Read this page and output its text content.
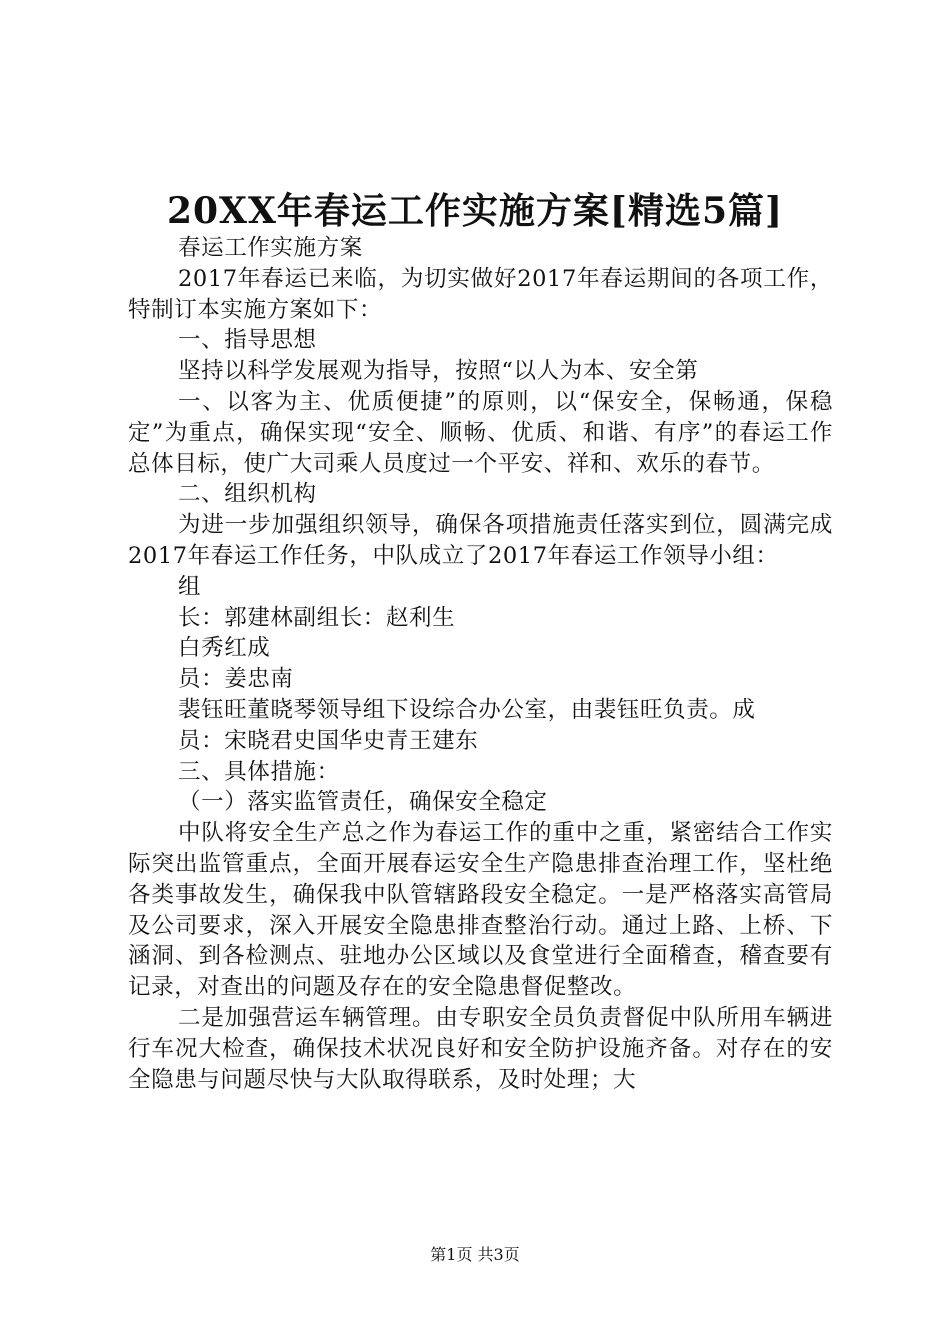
20XX年春运工作实施方案[精选5篇]

春运工作实施方案

2017年春运已来临，为切实做好2017年春运期间的各项工作，特制订本实施方案如下：

一、指导思想

坚持以科学发展观为指导，按照“以人为本、安全第

一、以客为主、优质便捷”的原则，以“保安全，保畅通，保稳定”为重点，确保实现“安全、顺畅、优质、和谐、有序”的春运工作总体目标，使广大司乘人员度过一个平安、祥和、欢乐的春节。

二、组织机构

为进一步加强组织领导，确保各项措施责任落实到位，圆满完成2017年春运工作任务，中队成立了2017年春运工作领导小组：

组

长：郭建林副组长：赵利生

白秀红成

员：姜忠南

裴钰旺董晓琴领导组下设综合办公室，由裴钰旺负责。成

员：宋晓君史国华史青王建东

三、具体措施：

（一）落实监管责任，确保安全稳定

中队将安全生产总之作为春运工作的重中之重，紧密结合工作实际突出监管重点，全面开展春运安全生产隐患排查治理工作，坚杜绝各类事故发生，确保我中队管辖路段安全稳定。一是严格落实高管局及公司要求，深入开展安全隐患排查整治行动。通过上路、上桥、下涵洞、到各检测点、驻地办公区域以及食堂进行全面稽查，稽查要有记录，对查出的问题及存在的安全隐患督促整改。

二是加强营运车辆管理。由专职安全员负责督促中队所用车辆进行车况大检查，确保技术状况良好和安全防护设施齐备。对存在的安全隐患与问题尽快与大队取得联系，及时处理；大

第1页 共3页
